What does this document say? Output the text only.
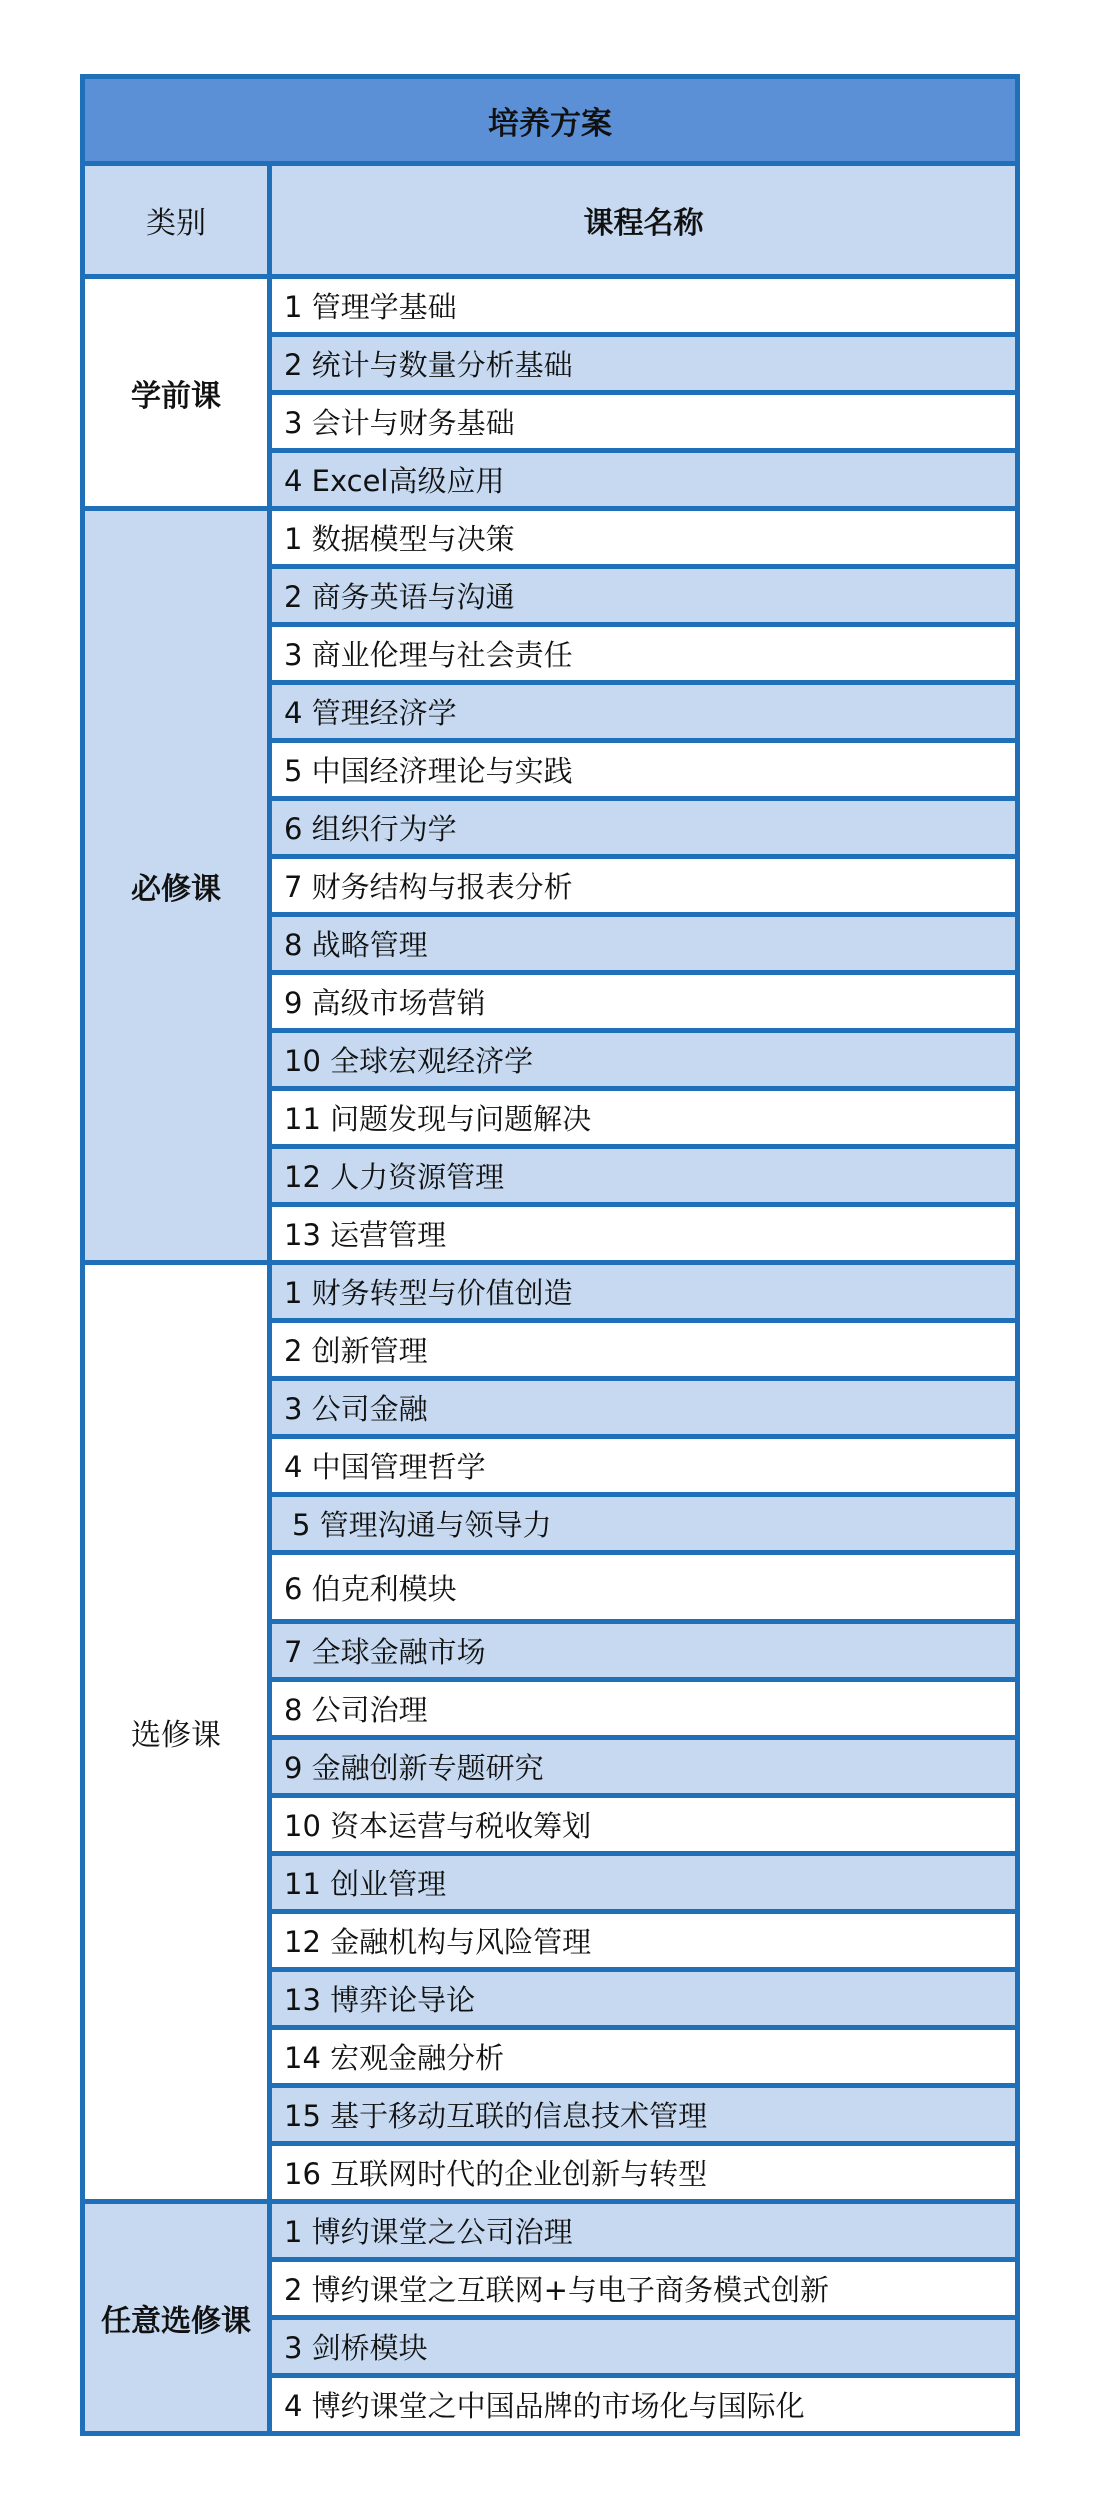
培养方案
类别	课程名称
学前课
1 管理学基础
2 统计与数量分析基础
3 会计与财务基础
4 Excel高级应用
必修课
1 数据模型与决策
2 商务英语与沟通
3 商业伦理与社会责任
4 管理经济学
5 中国经济理论与实践
6 组织行为学
7 财务结构与报表分析
8 战略管理
9 高级市场营销
10 全球宏观经济学
11 问题发现与问题解决
12 人力资源管理
13 运营管理
选修课
1 财务转型与价值创造
2 创新管理
3 公司金融
4 中国管理哲学
5 管理沟通与领导力
6 伯克利模块
7 全球金融市场
8 公司治理
9 金融创新专题研究
10 资本运营与税收筹划
11 创业管理
12 金融机构与风险管理
13 博弈论导论
14 宏观金融分析
15 基于移动互联的信息技术管理
16 互联网时代的企业创新与转型
任意选修课
1 博约课堂之公司治理
2 博约课堂之互联网+与电子商务模式创新
3 剑桥模块
4 博约课堂之中国品牌的市场化与国际化
